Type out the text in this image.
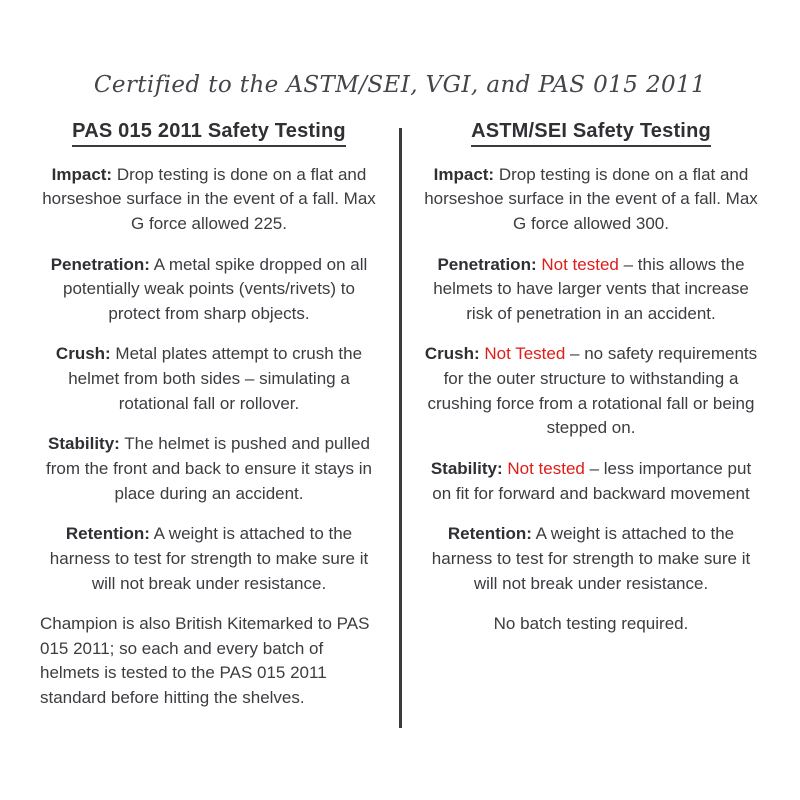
Certified to the ASTM/SEI, VGI, and PAS 015 2011
PAS 015 2011 Safety Testing
Impact: Drop testing is done on a flat and horseshoe surface in the event of a fall. Max G force allowed 225.
Penetration: A metal spike dropped on all potentially weak points (vents/rivets) to protect from sharp objects.
Crush: Metal plates attempt to crush the helmet from both sides – simulating a rotational fall or rollover.
Stability: The helmet is pushed and pulled from the front and back to ensure it stays in place during an accident.
Retention: A weight is attached to the harness to test for strength to make sure it will not break under resistance.
Champion is also British Kitemarked to PAS 015 2011; so each and every batch of helmets is tested to the PAS 015 2011 standard before hitting the shelves.
ASTM/SEI Safety Testing
Impact: Drop testing is done on a flat and horseshoe surface in the event of a fall. Max G force allowed 300.
Penetration: Not tested – this allows the helmets to have larger vents that increase risk of penetration in an accident.
Crush: Not Tested – no safety requirements for the outer structure to withstanding a crushing force from a rotational fall or being stepped on.
Stability: Not tested – less importance put on fit for forward and backward movement
Retention: A weight is attached to the harness to test for strength to make sure it will not break under resistance.
No batch testing required.
